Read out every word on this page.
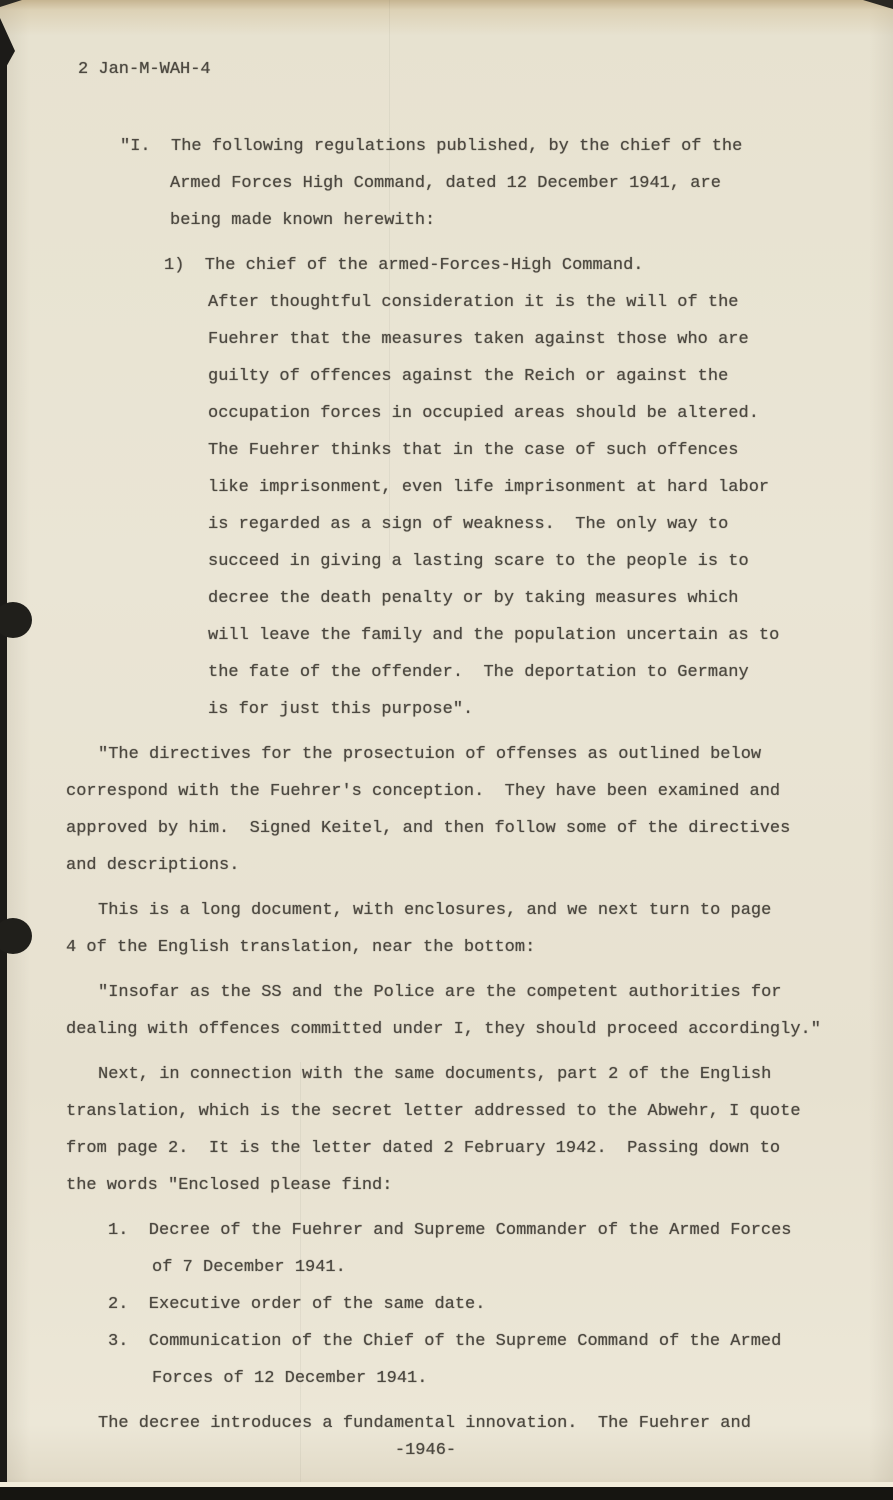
2 Jan-M-WAH-4
"I.  The following regulations published, by the chief of the
Armed Forces High Command, dated 12 December 1941, are
being made known herewith:
1)  The chief of the armed-Forces-High Command.
After thoughtful consideration it is the will of the
Fuehrer that the measures taken against those who are
guilty of offences against the Reich or against the
occupation forces in occupied areas should be altered.
The Fuehrer thinks that in the case of such offences
like imprisonment, even life imprisonment at hard labor
is regarded as a sign of weakness.  The only way to
succeed in giving a lasting scare to the people is to
decree the death penalty or by taking measures which
will leave the family and the population uncertain as to
the fate of the offender.  The deportation to Germany
is for just this purpose".
"The directives for the prosectuion of offenses as outlined below
correspond with the Fuehrer's conception.  They have been examined and
approved by him.  Signed Keitel, and then follow some of the directives
and descriptions.
This is a long document, with enclosures, and we next turn to page
4 of the English translation, near the bottom:
"Insofar as the SS and the Police are the competent authorities for
dealing with offences committed under I, they should proceed accordingly."
Next, in connection with the same documents, part 2 of the English
translation, which is the secret letter addressed to the Abwehr, I quote
from page 2.  It is the letter dated 2 February 1942.  Passing down to
the words "Enclosed please find:
1.  Decree of the Fuehrer and Supreme Commander of the Armed Forces
of 7 December 1941.
2.  Executive order of the same date.
3.  Communication of the Chief of the Supreme Command of the Armed
Forces of 12 December 1941.
The decree introduces a fundamental innovation.  The Fuehrer and
-1946-
